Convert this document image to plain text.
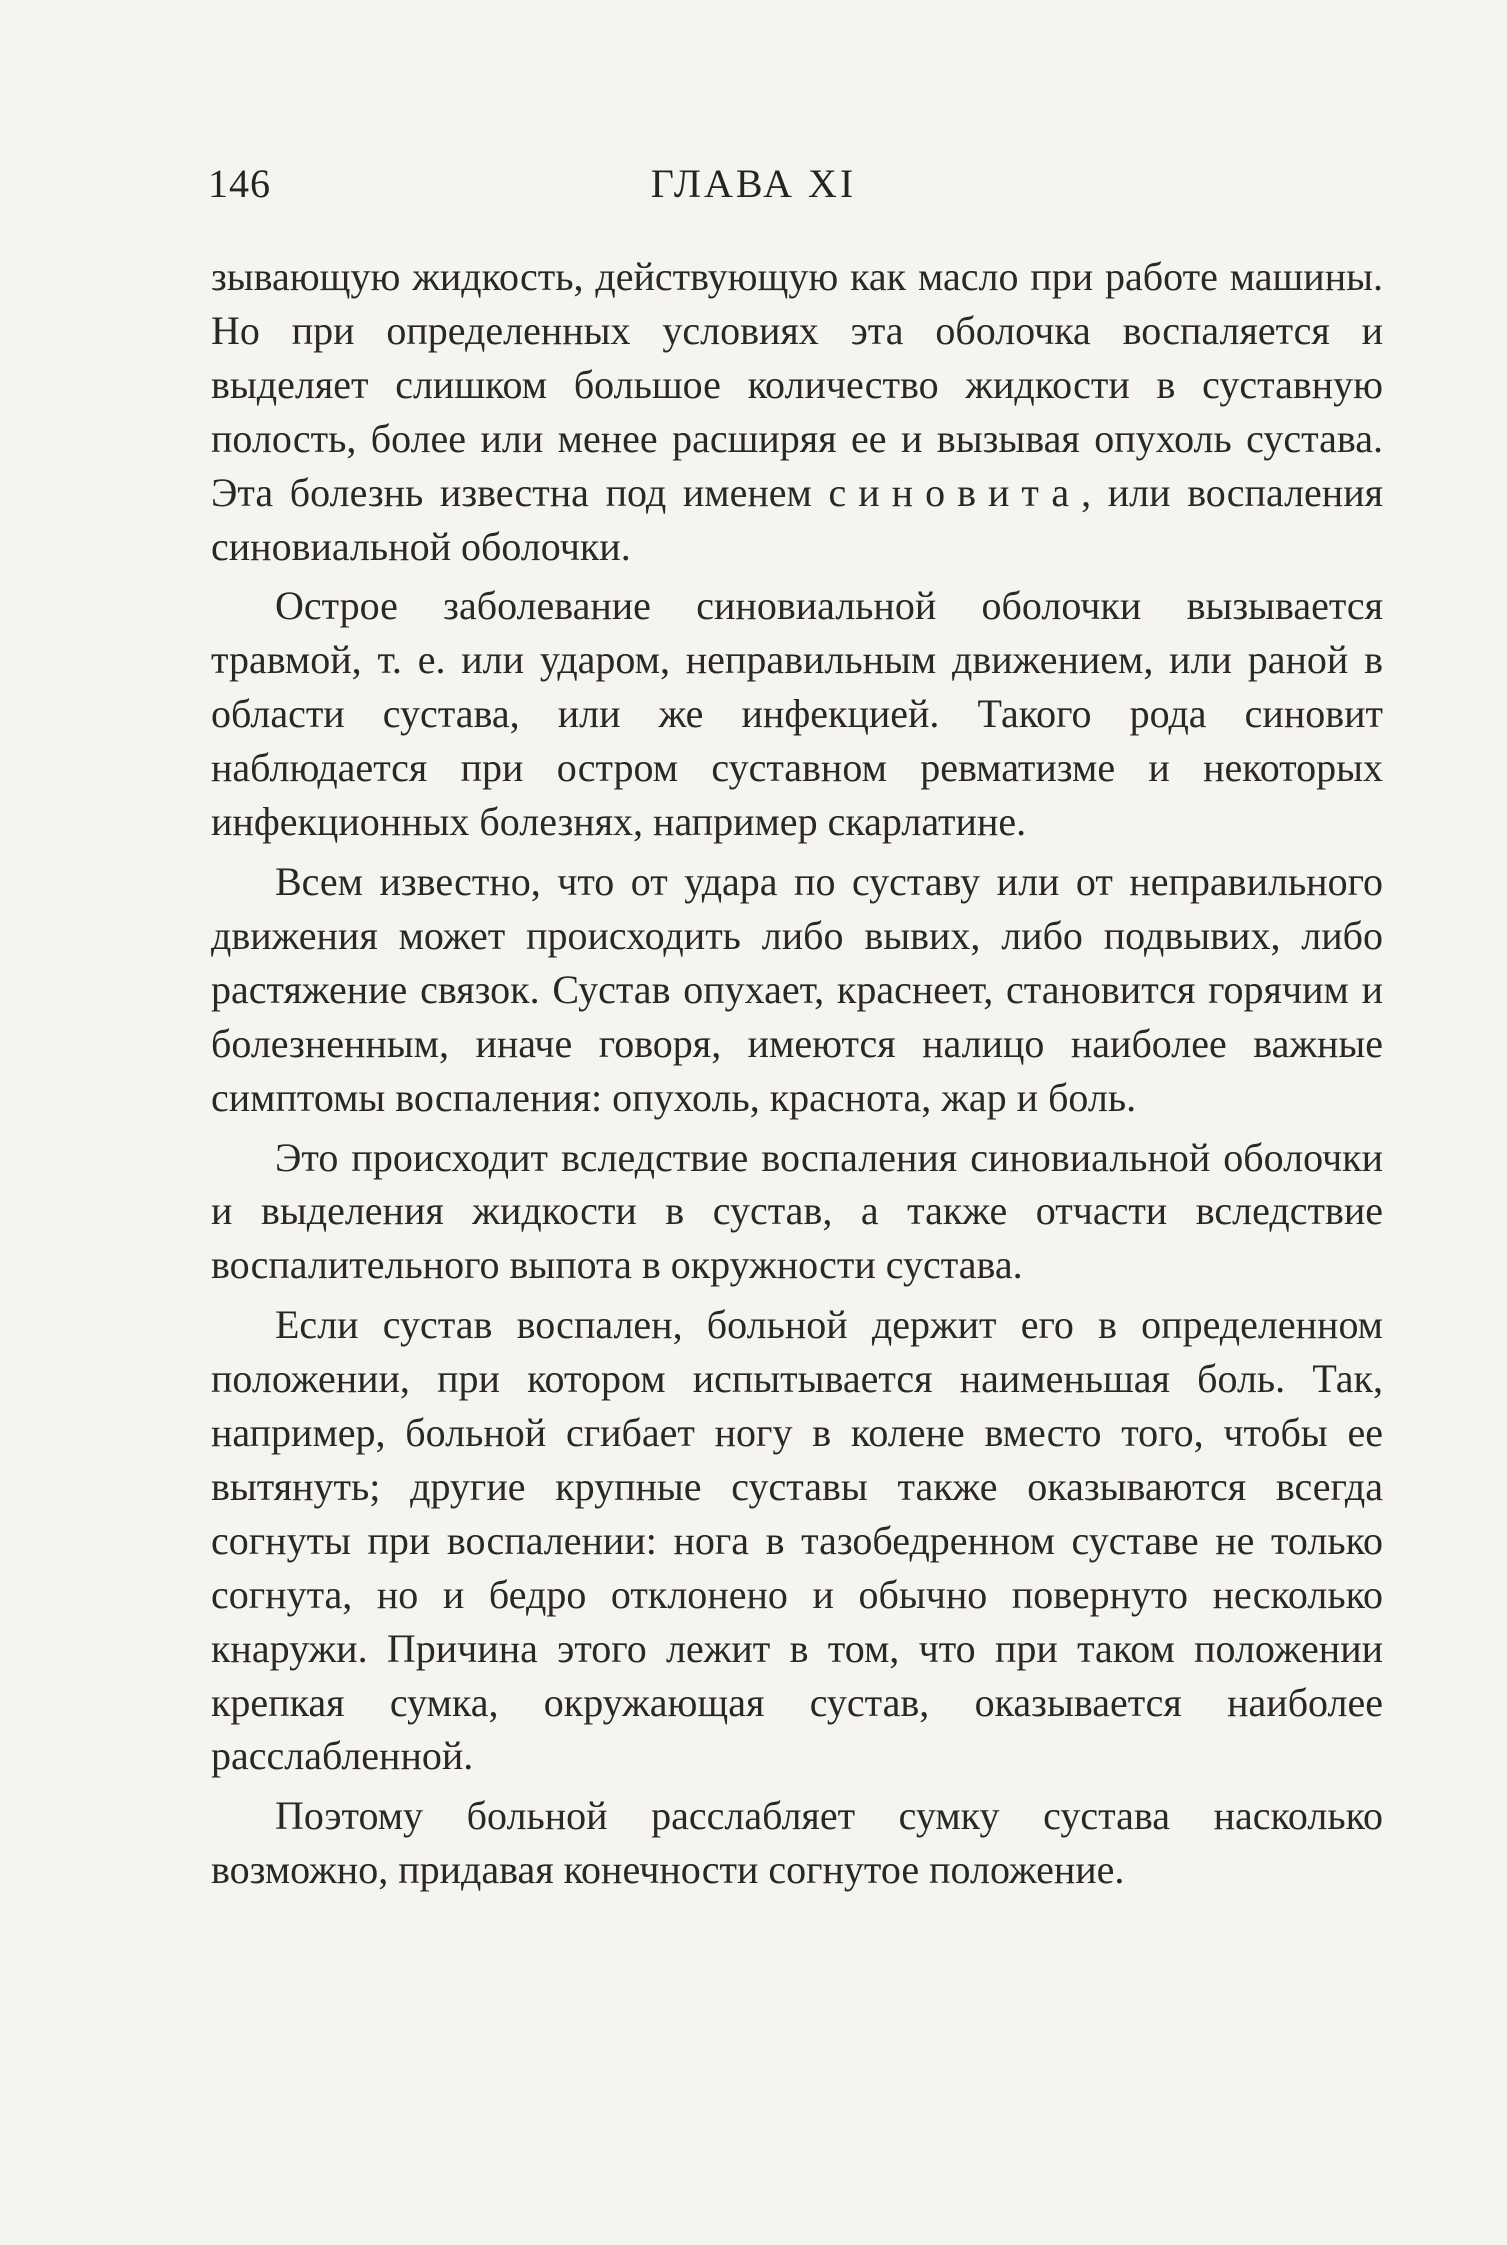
146	ГЛАВА XI

зывающую жидкость, действующую как масло при работе машины. Но при определенных условиях эта оболочка воспаляется и выделяет слишком большое количество жидкости в суставную полость, более или менее расширяя ее и вызывая опухоль сустава. Эта болезнь известна под именем синовита, или воспаления синовиальной оболочки.

Острое заболевание синовиальной оболочки вызывается травмой, т. е. или ударом, неправильным движением, или раной в области сустава, или же инфекцией. Такого рода синовит наблюдается при остром суставном ревматизме и некоторых инфекционных болезнях, например скарлатине.

Всем известно, что от удара по суставу или от неправильного движения может происходить либо вывих, либо подвывих, либо растяжение связок. Сустав опухает, краснеет, становится горячим и болезненным, иначе говоря, имеются налицо наиболее важные симптомы воспаления: опухоль, краснота, жар и боль.

Это происходит вследствие воспаления синовиальной оболочки и выделения жидкости в сустав, а также отчасти вследствие воспалительного выпота в окружности сустава.

Если сустав воспален, больной держит его в определенном положении, при котором испытывается наименьшая боль. Так, например, больной сгибает ногу в колене вместо того, чтобы ее вытянуть; другие крупные суставы также оказываются всегда согнуты при воспалении: нога в тазобедренном суставе не только согнута, но и бедро отклонено и обычно повернуто несколько кнаружи. Причина этого лежит в том, что при таком положении крепкая сумка, окружающая сустав, оказывается наиболее расслабленной.

Поэтому больной расслабляет сумку сустава насколько возможно, придавая конечности согнутое положение.
